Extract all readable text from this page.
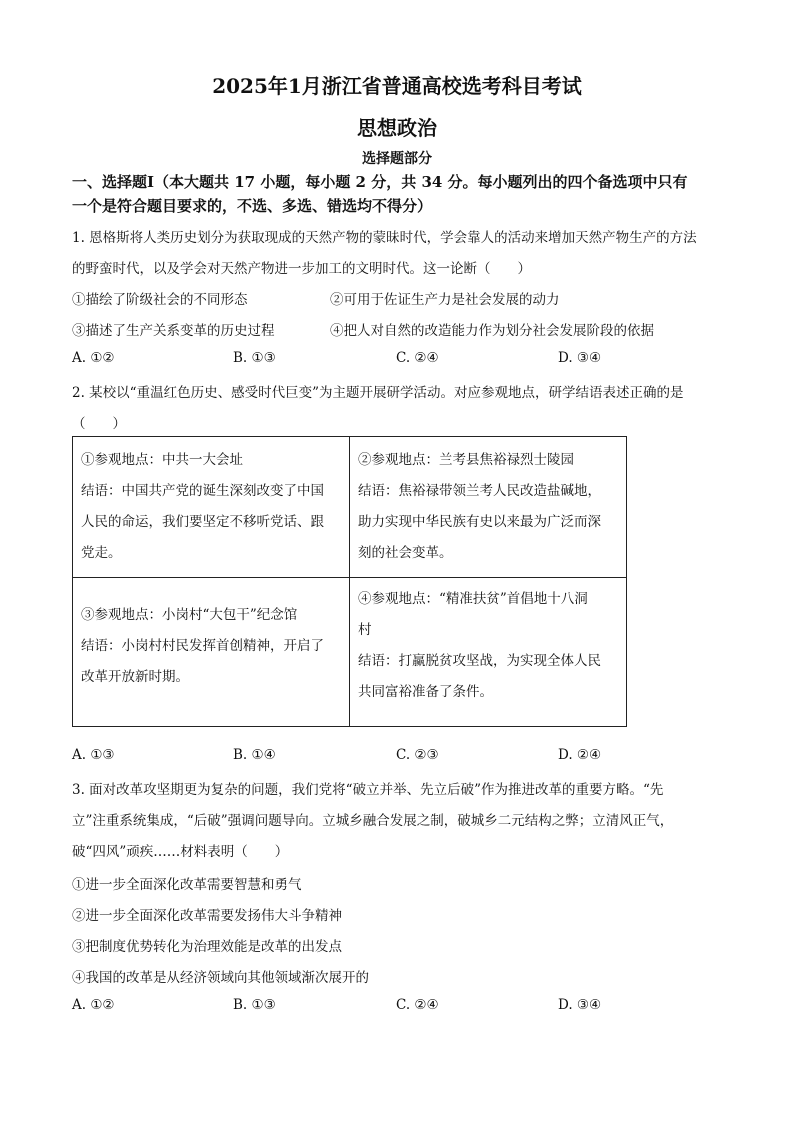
2025年1月浙江省普通高校选考科目考试
思想政治
选择题部分
一、选择题Ⅰ（本大题共 17 小题，每小题 2 分，共 34 分。每小题列出的四个备选项中只有
一个是符合题目要求的，不选、多选、错选均不得分）
1. 恩格斯将人类历史划分为获取现成的天然产物的蒙昧时代，学会靠人的活动来增加天然产物生产的方法
的野蛮时代，以及学会对天然产物进一步加工的文明时代。这一论断（　　）
①描绘了阶级社会的不同形态	②可用于佐证生产力是社会发展的动力
③描述了生产关系变革的历史过程	④把人对自然的改造能力作为划分社会发展阶段的依据
A. ①②	B. ①③	C. ②④	D. ③④
2. 某校以“重温红色历史、感受时代巨变”为主题开展研学活动。对应参观地点，研学结语表述正确的是
（　　）
①参观地点：中共一大会址
结语：中国共产党的诞生深刻改变了中国
人民的命运，我们要坚定不移听党话、跟
党走。	②参观地点：兰考县焦裕禄烈士陵园
结语：焦裕禄带领兰考人民改造盐碱地，
助力实现中华民族有史以来最为广泛而深
刻的社会变革。

③参观地点：小岗村“大包干”纪念馆
结语：小岗村村民发挥首创精神，开启了
改革开放新时期。	④参观地点：“精准扶贫”首倡地十八洞
村
结语：打赢脱贫攻坚战，为实现全体人民
共同富裕准备了条件。
A. ①③	B. ①④	C. ②③	D. ②④
3. 面对改革攻坚期更为复杂的问题，我们党将“破立并举、先立后破”作为推进改革的重要方略。“先
立”注重系统集成，“后破”强调问题导向。立城乡融合发展之制，破城乡二元结构之弊；立清风正气，
破“四风”顽疾……材料表明（　　）
①进一步全面深化改革需要智慧和勇气
②进一步全面深化改革需要发扬伟大斗争精神
③把制度优势转化为治理效能是改革的出发点
④我国的改革是从经济领域向其他领域渐次展开的
A. ①②	B. ①③	C. ②④	D. ③④
